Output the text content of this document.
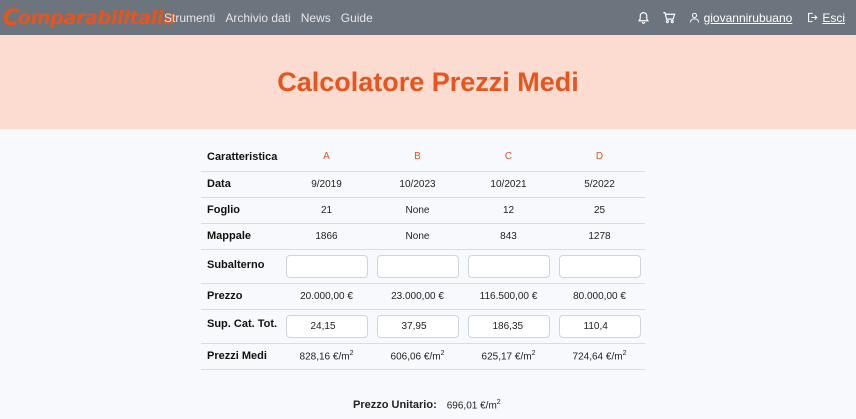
C omparabilitalia
Strumenti Archivio dati News Guide	giovannirubuano	Esci
Calcolatore Prezzi Medi
Caratteristica	A	B	C	D
Data	9/2019	10/2023	10/2021	5/2022
Foglio	21	None	12	25
Mappale	1866	None	843	1278
Subalterno				
Prezzo	20.000,00 €	23.000,00 €	116.500,00 €	80.000,00 €
Sup. Cat. Tot.	24,15	37,95	186,35	110,4
Prezzi Medi	828,16 $€/m^2$	606,06 $€/m^2$	625,17 $€/m^2$	724,64 $€/m^2$
Prezzo Unitario: 696,01 $€/m^2$
